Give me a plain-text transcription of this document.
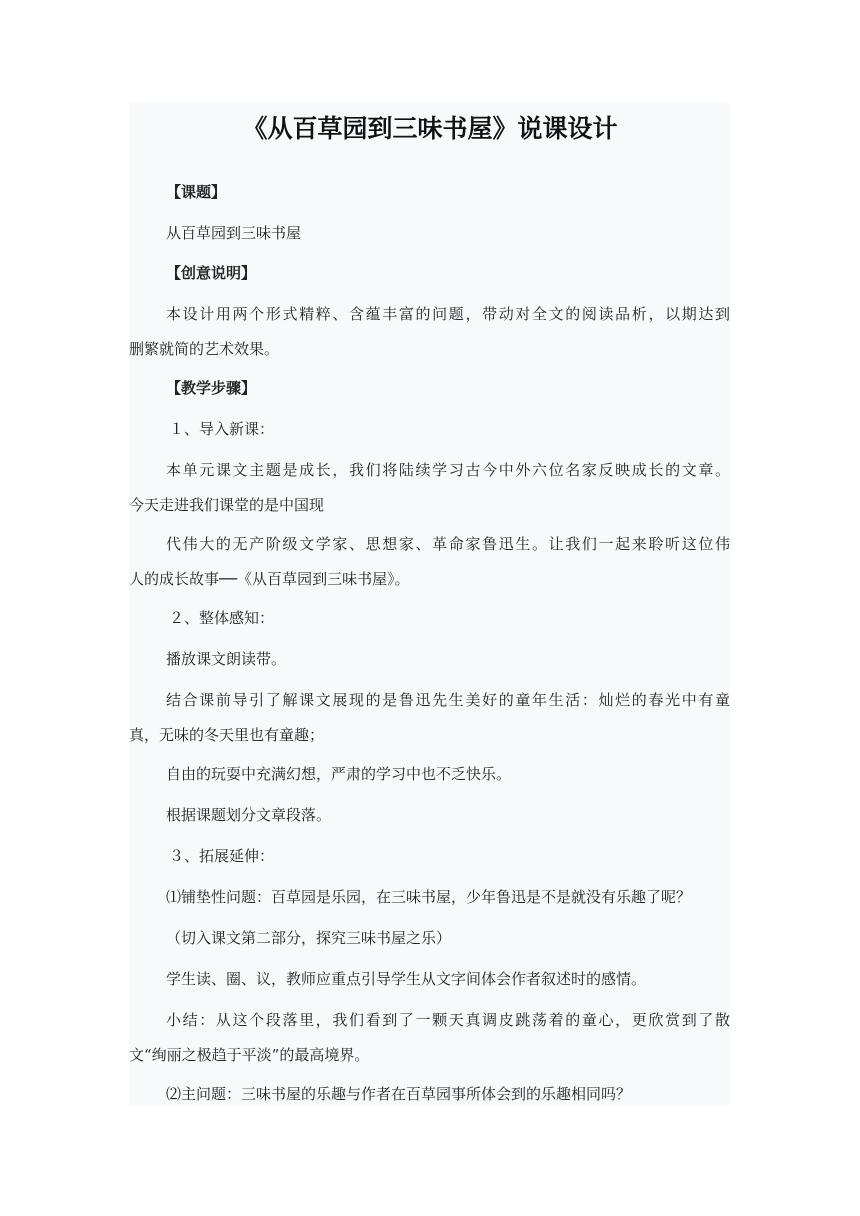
《从百草园到三味书屋》说课设计
【课题】
从百草园到三味书屋
【创意说明】
本设计用两个形式精粹、含蕴丰富的问题，带动对全文的阅读品析，以期达到
删繁就简的艺术效果。
【教学步骤】
１、导入新课：
本单元课文主题是成长，我们将陆续学习古今中外六位名家反映成长的文章。
今天走进我们课堂的是中国现
代伟大的无产阶级文学家、思想家、革命家鲁迅生。让我们一起来聆听这位伟
人的成长故事──《从百草园到三味书屋》。
２、整体感知：
播放课文朗读带。
结合课前导引了解课文展现的是鲁迅先生美好的童年生活：灿烂的春光中有童
真，无味的冬天里也有童趣；
自由的玩耍中充满幻想，严肃的学习中也不乏快乐。
根据课题划分文章段落。
３、拓展延伸：
⑴铺垫性问题：百草园是乐园，在三味书屋，少年鲁迅是不是就没有乐趣了呢？
（切入课文第二部分，探究三味书屋之乐）
学生读、圈、议，教师应重点引导学生从文字间体会作者叙述时的感情。
小结：从这个段落里，我们看到了一颗天真调皮跳荡着的童心，更欣赏到了散
文“绚丽之极趋于平淡”的最高境界。
⑵主问题：三味书屋的乐趣与作者在百草园事所体会到的乐趣相同吗？
